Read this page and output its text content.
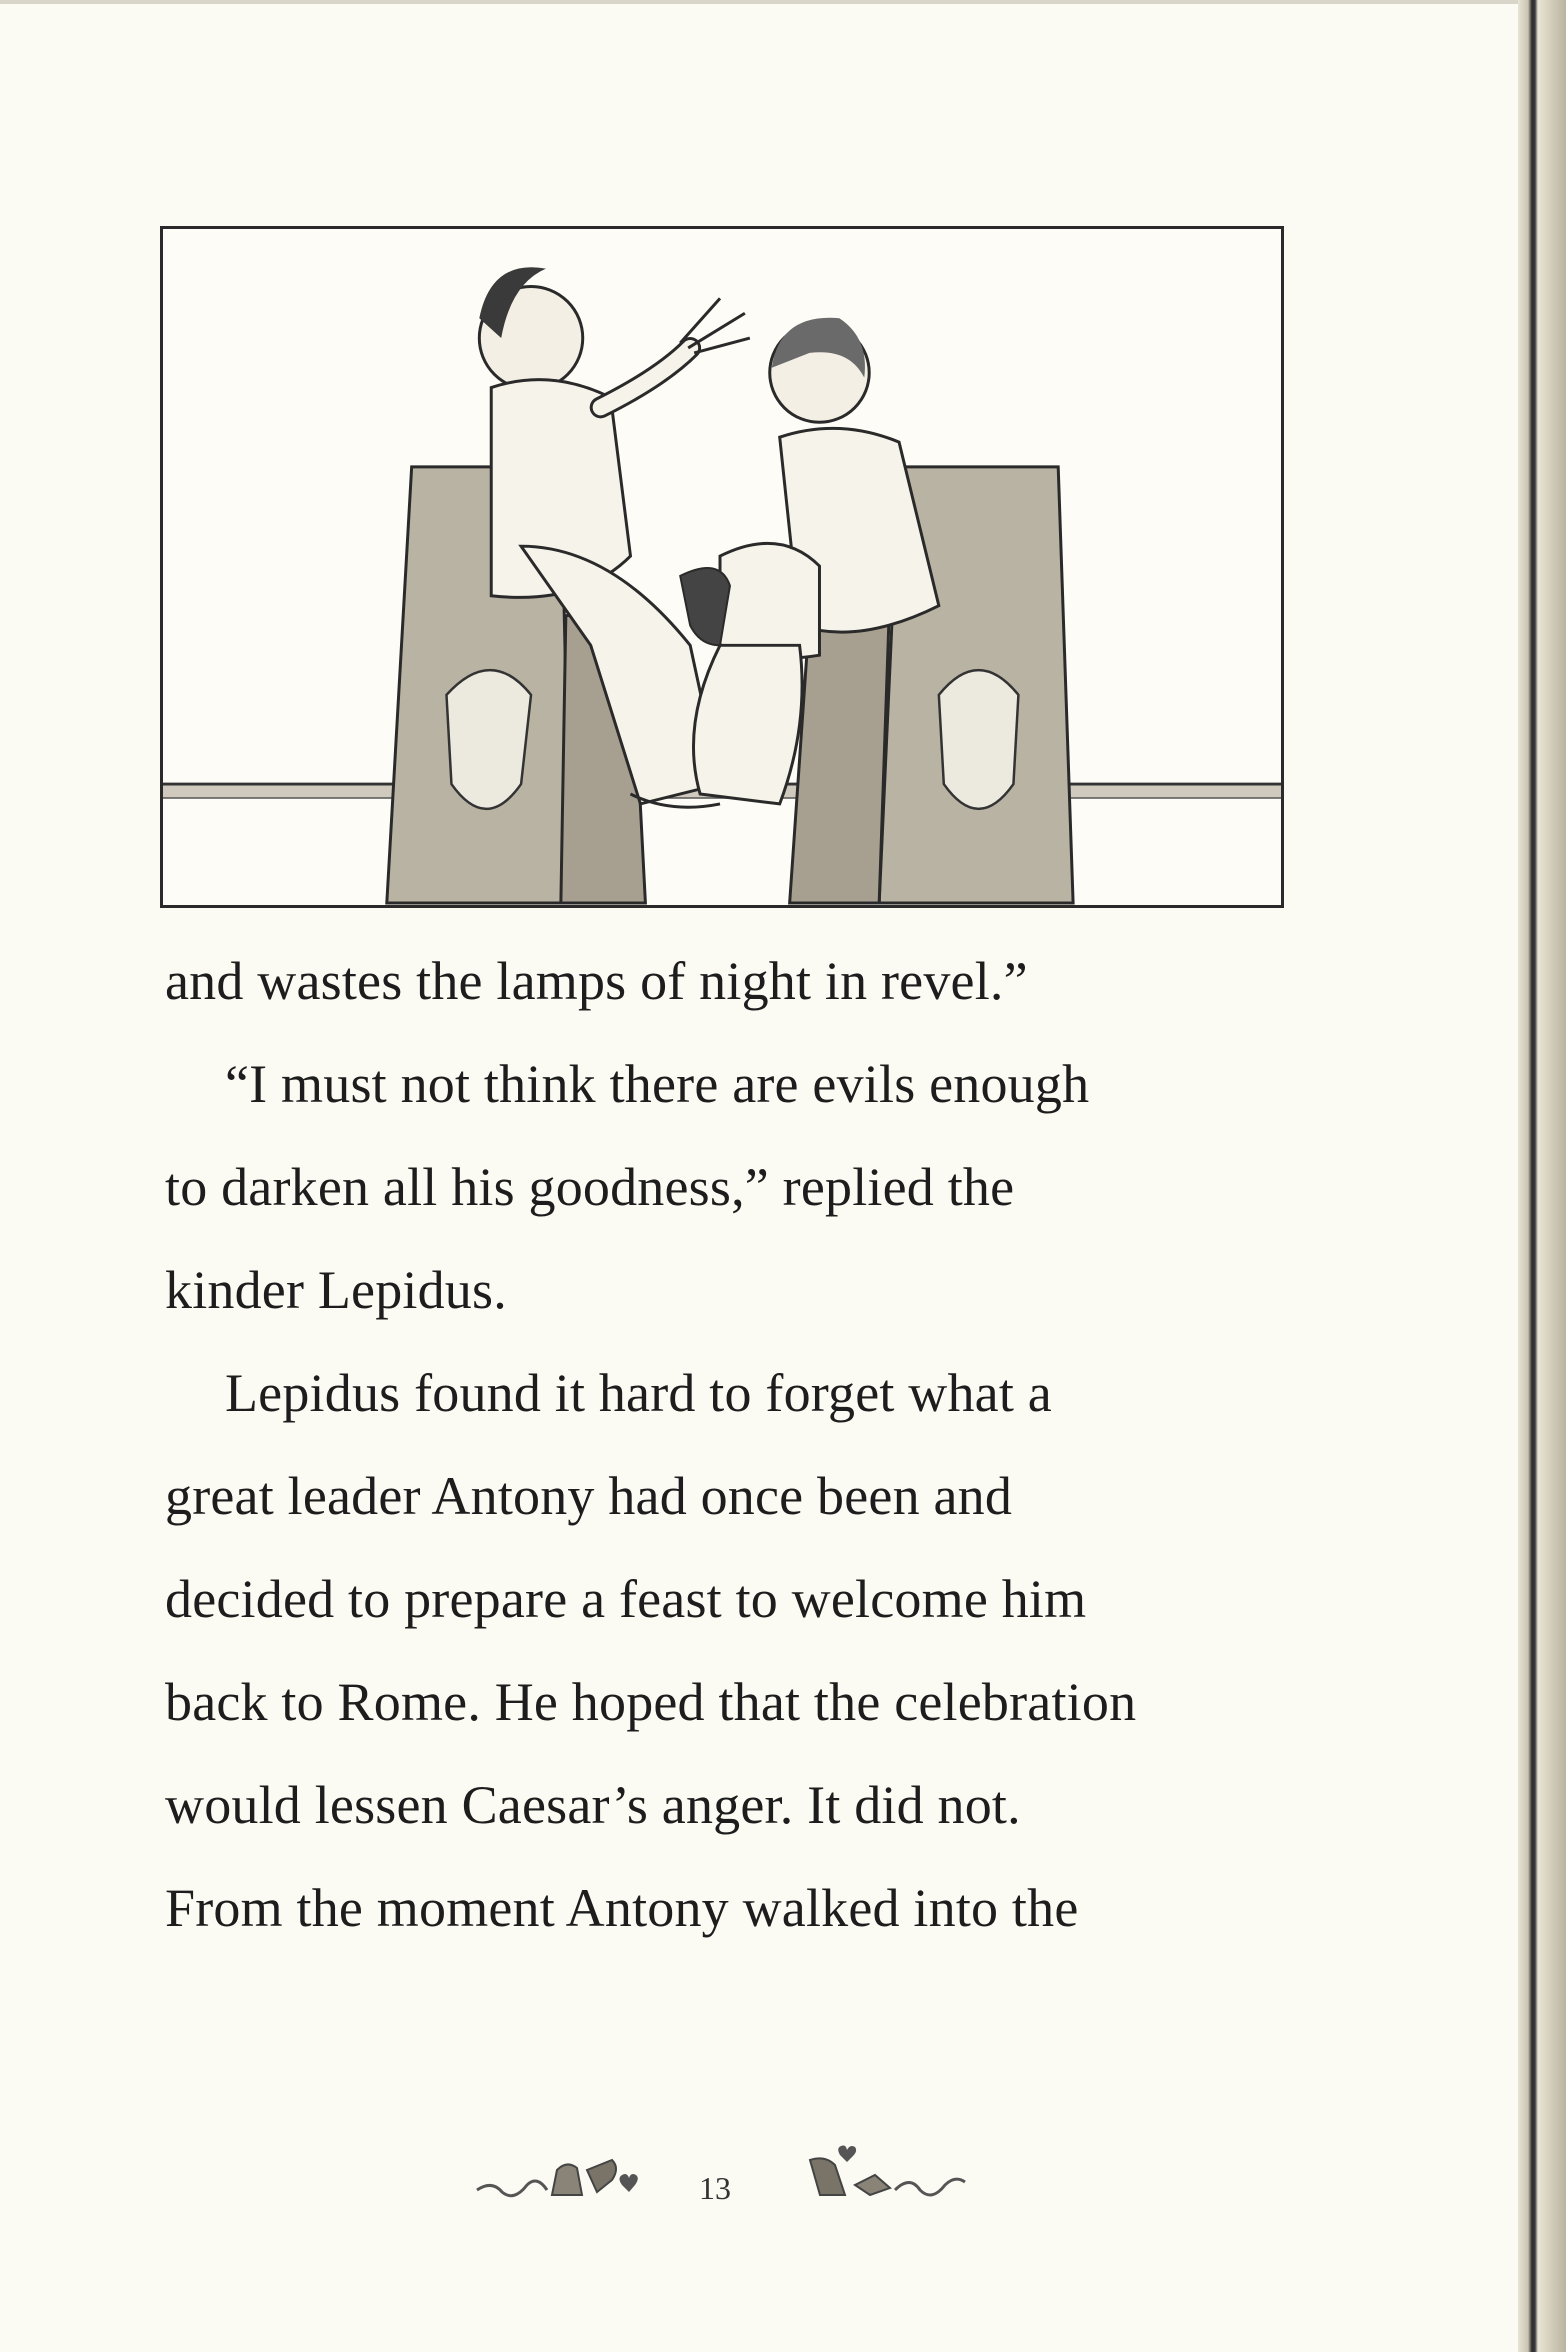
and wastes the lamps of night in revel.”

“I must not think there are evils enough
to darken all his goodness,” replied the
kinder Lepidus.

Lepidus found it hard to forget what a
great leader Antony had once been and
decided to prepare a feast to welcome him
back to Rome. He hoped that the celebration
would lessen Caesar’s anger. It did not.
From the moment Antony walked into the

13
